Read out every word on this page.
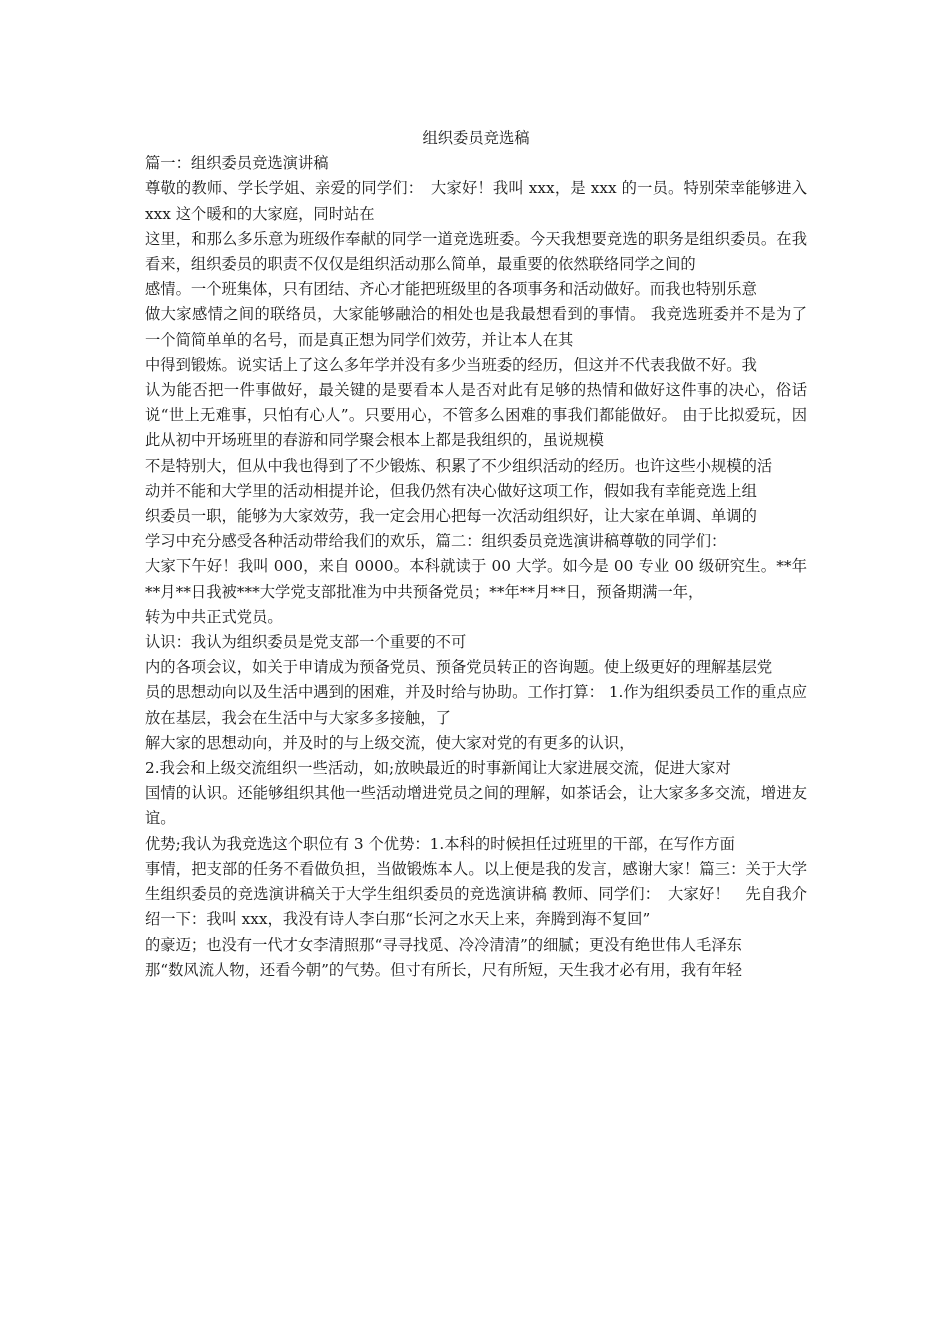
组织委员竞选稿

篇一：组织委员竞选演讲稿

尊敬的教师、学长学姐、亲爱的同学们：　大家好！我叫 xxx，是 xxx 的一员。特别荣幸能够进入 xxx 这个暖和的大家庭，同时站在

这里，和那么多乐意为班级作奉献的同学一道竞选班委。今天我想要竞选的职务是组织委员。在我看来，组织委员的职责不仅仅是组织活动那么简单，最重要的依然联络同学之间的

感情。一个班集体，只有团结、齐心才能把班级里的各项事务和活动做好。而我也特别乐意

做大家感情之间的联络员，大家能够融洽的相处也是我最想看到的事情。 我竞选班委并不是为了一个简简单单的名号，而是真正想为同学们效劳，并让本人在其

中得到锻炼。说实话上了这么多年学并没有多少当班委的经历，但这并不代表我做不好。我

认为能否把一件事做好，最关键的是要看本人是否对此有足够的热情和做好这件事的决心，俗话说“世上无难事，只怕有心人”。只要用心，不管多么困难的事我们都能做好。 由于比拟爱玩，因此从初中开场班里的春游和同学聚会根本上都是我组织的，虽说规模

不是特别大，但从中我也得到了不少锻炼、积累了不少组织活动的经历。也许这些小规模的活

动并不能和大学里的活动相提并论，但我仍然有决心做好这项工作，假如我有幸能竞选上组

织委员一职，能够为大家效劳，我一定会用心把每一次活动组织好，让大家在单调、单调的

学习中充分感受各种活动带给我们的欢乐，篇二：组织委员竞选演讲稿尊敬的同学们：

大家下午好！我叫 000，来自 0000。本科就读于 00 大学。如今是 00 专业 00 级研究生。**年**月**日我被***大学党支部批准为中共预备党员；**年**月**日，预备期满一年，

转为中共正式党员。

认识：我认为组织委员是党支部一个重要的不可

内的各项会议，如关于申请成为预备党员、预备党员转正的咨询题。使上级更好的理解基层党

员的思想动向以及生活中遇到的困难，并及时给与协助。工作打算： 1.作为组织委员工作的重点应放在基层，我会在生活中与大家多多接触，了

解大家的思想动向，并及时的与上级交流，使大家对党的有更多的认识，

2.我会和上级交流组织一些活动，如;放映最近的时事新闻让大家进展交流，促进大家对

国情的认识。还能够组织其他一些活动增进党员之间的理解，如茶话会，让大家多多交流，增进友谊。

优势;我认为我竞选这个职位有 3 个优势：1.本科的时候担任过班里的干部，在写作方面

事情，把支部的任务不看做负担，当做锻炼本人。以上便是我的发言，感谢大家！篇三：关于大学生组织委员的竞选演讲稿关于大学生组织委员的竞选演讲稿 教师、同学们：　大家好！　先自我介绍一下：我叫 xxx，我没有诗人李白那“长河之水天上来，奔腾到海不复回”

的豪迈；也没有一代才女李清照那“寻寻找觅、冷冷清清”的细腻；更没有绝世伟人毛泽东

那“数风流人物，还看今朝”的气势。但寸有所长，尺有所短，天生我才必有用，我有年轻
